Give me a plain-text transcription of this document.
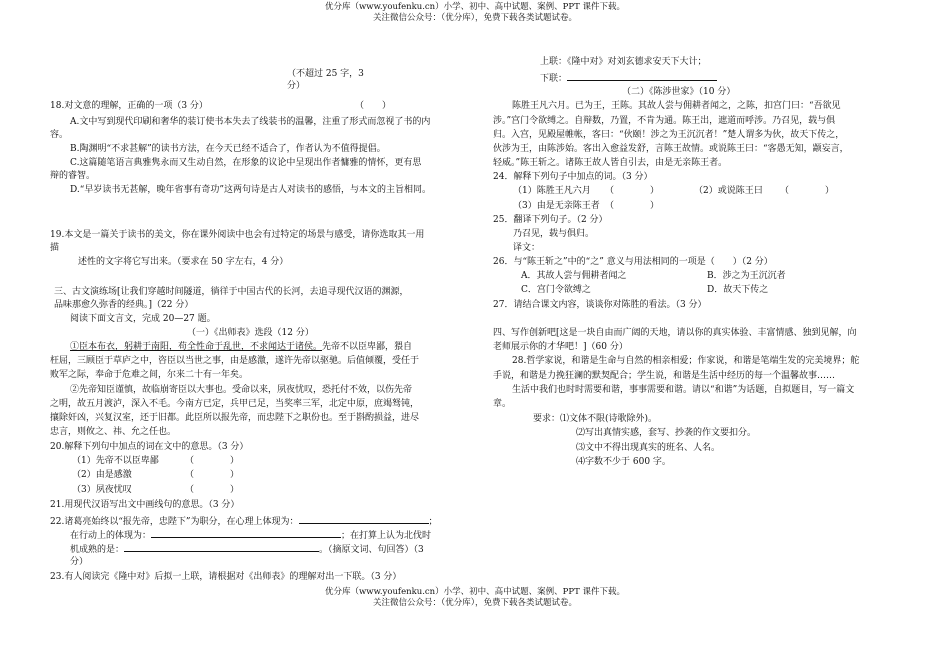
优分库（www.youfenku.cn）小学、初中、高中试题、案例、PPT 课件下载。
关注微信公众号：（优分库），免费下载各类试题试卷。
（不超过 25 字，3
分）
18.对文意的理解，正确的一项（3 分）	（　　）
A.文中写到现代印刷和奢华的装订使书本失去了线装书的温馨，注重了形式而忽视了书的内
容。
B.陶渊明“不求甚解”的读书方法，在今天已经不适合了，作者认为不值得提倡。
C.这篇随笔语言典雅隽永而又生动自然，在形象的议论中呈现出作者慵雅的情怀，更有思
辩的睿智。
D.“早岁读书无甚解，晚年省事有奇功”这两句诗是古人对读书的感悟，与本文的主旨相同。
19.本文是一篇关于读书的美文，你在课外阅读中也会有过特定的场景与感受，请你选取其一用
描
述性的文字将它写出来。（要求在 50 字左右，4 分）
三、古文演练场[让我们穿越时间隧道，徜徉于中国古代的长河，去追寻现代汉语的渊源，
品味那愈久弥香的经典。]（22 分）
阅读下面文言文，完成 20—27 题。
（一）《出师表》选段（12 分）
①臣本布衣，躬耕于南阳，苟全性命于乱世，不求闻达于诸侯。先帝不以臣卑鄙，猥自
枉屈，三顾臣于草庐之中，咨臣以当世之事，由是感激，遂许先帝以驱驰。后值倾覆，受任于
败军之际，奉命于危难之间，尔来二十有一年矣。
②先帝知臣谨慎，故临崩寄臣以大事也。受命以来，夙夜忧叹，恐托付不效，以伤先帝
之明，故五月渡泸，深入不毛。今南方已定，兵甲已足，当奖率三军，北定中原，庶竭驽钝，
攘除奸凶，兴复汉室，还于旧都。此臣所以报先帝，而忠陛下之职份也。至于斟酌损益，进尽
忠言，则攸之、祎、允之任也。
20.解释下列句中加点的词在文中的意思。（3 分）
（1）先帝不以臣卑鄙	（　　　　）
（2）由是感激	（　　　　）
（3）夙夜忧叹	（　　　　）
21.用现代汉语写出文中画线句的意思。（3 分）
22.诸葛亮始终以“报先帝，忠陛下”为职分，在心理上体现为：	；
在行动上的体现为：	；在打算上认为北伐时
机成熟的是：	。（摘原文词、句回答）（3
分）
23.有人阅读完《隆中对》后拟一上联，请根据对《出师表》的理解对出一下联。（3 分）
上联：《隆中对》对刘玄德求安天下大计；
下联：
（二）《陈涉世家》（10 分）
陈胜王凡六月。已为王，王陈。其故人尝与佣耕者闻之，之陈，扣宫门曰：“吾欲见
涉。”宫门令欲缚之。自辩数，乃置，不肯为通。陈王出，遮道而呼涉。乃召见，载与俱
归。入宫，见殿屋帷帐，客曰：“伙颐！涉之为王沉沉者！”楚人谓多为伙，故天下传之，
伙涉为王，由陈涉始。客出入愈益发舒，言陈王故情。或说陈王曰：“客愚无知，颛妄言，
轻威。”陈王斩之。诸陈王故人皆自引去，由是无亲陈王者。
24．解释下列句子中加点的词。（3 分）
（1）陈胜王凡六月 （　　　　）	（2）或说陈王曰 （　　　　）
（3）由是无亲陈王者 （　　　　）
25．翻译下列句子。（2 分）
乃召见，载与俱归。
译文：
26．与“陈王斩之”中的“之” 意义与用法相同的一项是（　　）（2 分）
A．其故人尝与佣耕者闻之	B．涉之为王沉沉者
C．宫门令欲缚之	D．故天下传之
27．请结合课文内容，谈谈你对陈胜的看法。（3 分）
四、写作创新吧[这是一块自由而广阔的天地，请以你的真实体验、丰富情感、独到见解，向
老师展示你的才华吧！]（60 分）
28.哲学家说，和谐是生命与自然的相亲相爱；作家说，和谐是笔端生发的完美境界；舵
手说，和谐是力挽狂澜的默契配合；学生说，和谐是生活中经历的每一个温馨故事……
生活中我们也时时需要和谐，事事需要和谐。请以“和谐”为话题，自拟题目，写一篇文
章。
要求：⑴文体不限(诗歌除外)。
⑵写出真情实感，套写、抄袭的作文要扣分。
⑶文中不得出现真实的班名、人名。
⑷字数不少于 600 字。
优分库（www.youfenku.cn）小学、初中、高中试题、案例、PPT 课件下载。
关注微信公众号：（优分库），免费下载各类试题试卷。
